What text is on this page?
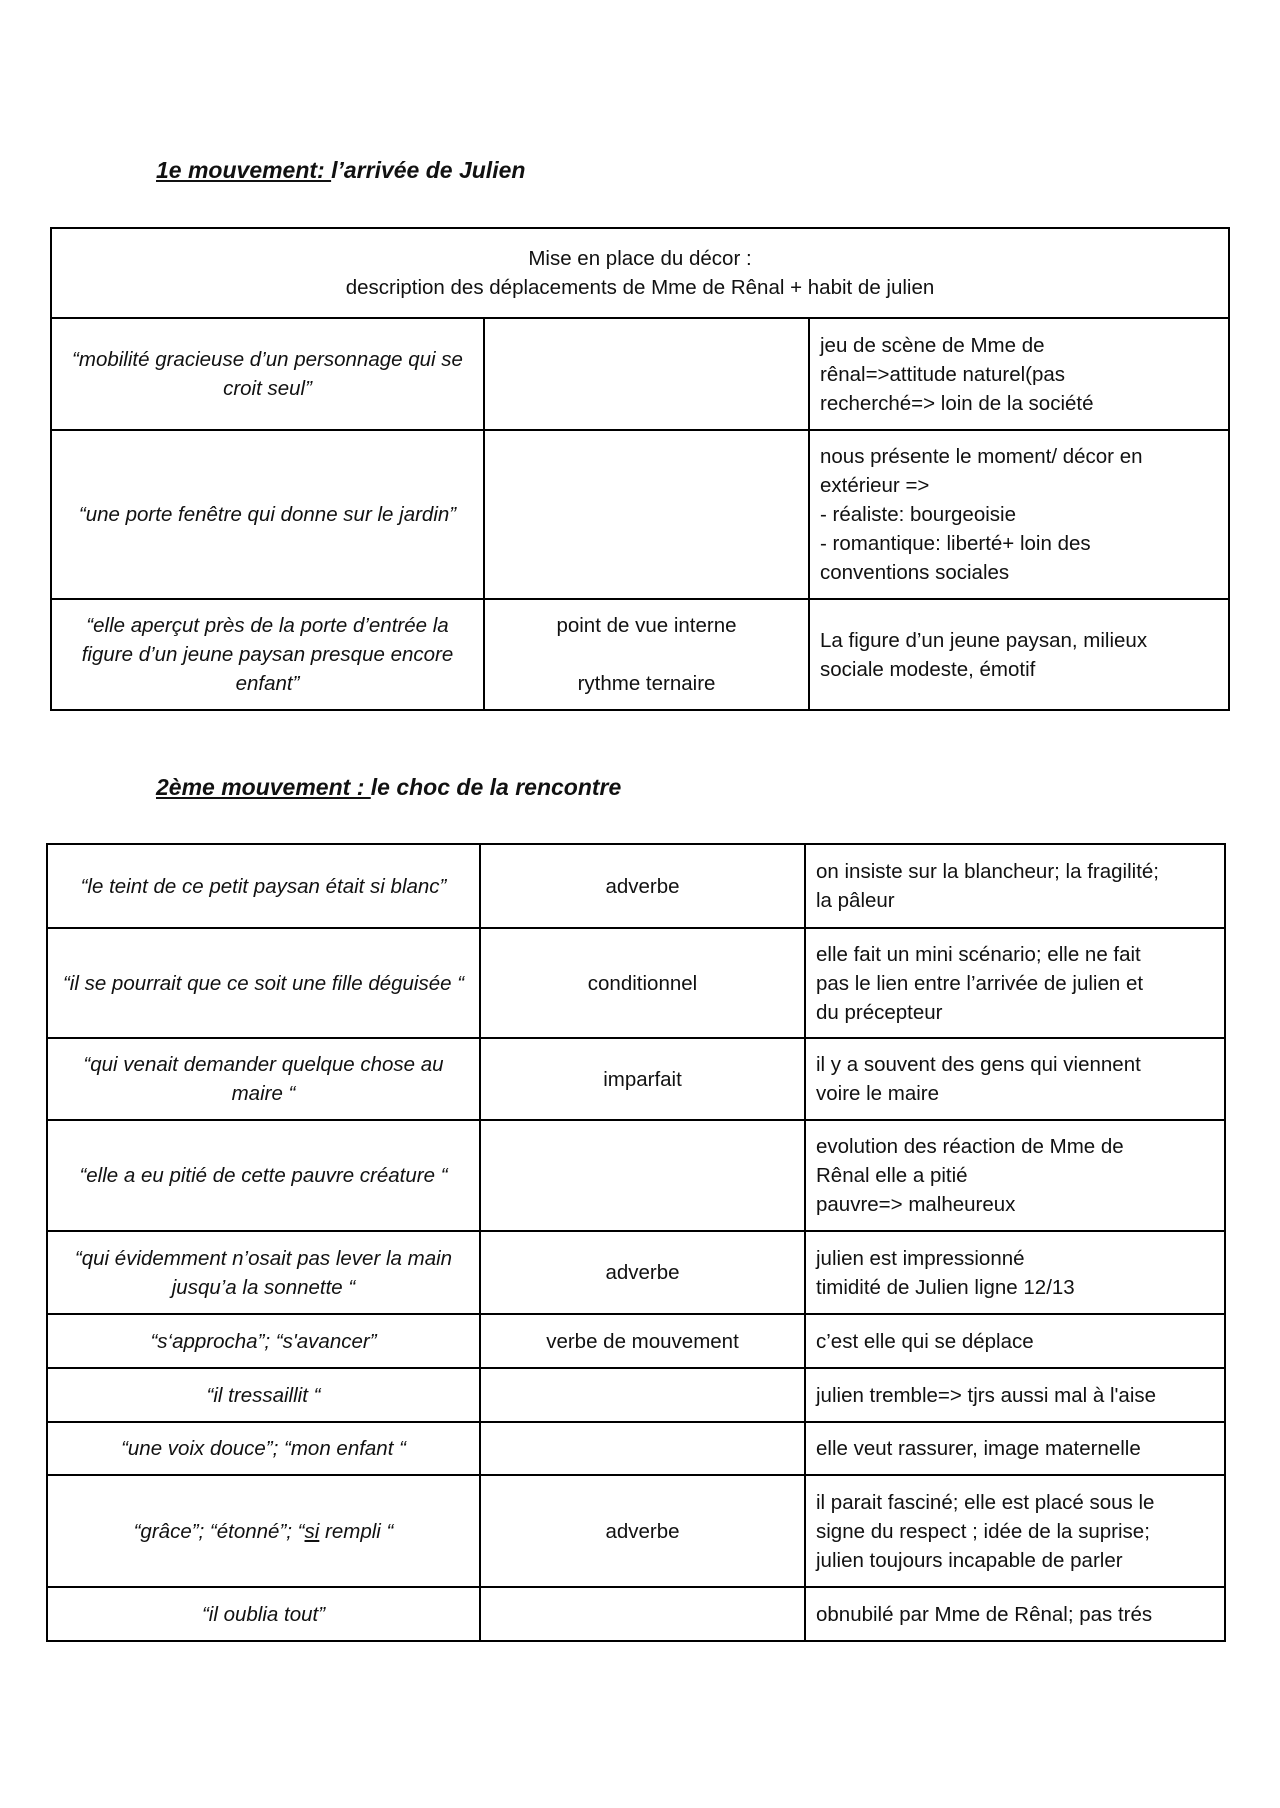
1e mouvement: l’arrivée de Julien
Mise en place du décor :
description des déplacements de Mme de Rênal + habit de julien		

“mobilité gracieuse d’un personnage qui se croit seul”		jeu de scène de Mme de
rênal=>attitude naturel(pas
recherché=> loin de la société

“une porte fenêtre qui donne sur le jardin”		nous présente le moment/ décor en
extérieur =>
- réaliste: bourgeoisie
- romantique: liberté+ loin des
conventions sociales

“elle aperçut près de la porte d’entrée la figure d’un jeune paysan presque encore enfant”	point de vue interne
rythme ternaire	La figure d’un jeune paysan, milieux
sociale modeste, émotif
2ème mouvement : le choc de la rencontre
“le teint de ce petit paysan était si blanc”	adverbe	on insiste sur la blancheur; la fragilité;
la pâleur

“il se pourrait que ce soit une fille déguisée “	conditionnel	elle fait un mini scénario; elle ne fait
pas le lien entre l’arrivée de julien et
du précepteur

“qui venait demander quelque chose au maire “	imparfait	il y a souvent des gens qui viennent
voire le maire

“elle a eu pitié de cette pauvre créature “		evolution des réaction de Mme de
Rênal elle a pitié
pauvre=> malheureux

“qui évidemment n’osait pas lever la main jusqu’a la sonnette “	adverbe	julien est impressionné
timidité de Julien ligne 12/13

“s‘approcha”; “s'avancer”	verbe de mouvement	c’est elle qui se déplace

“il tressaillit “		julien tremble=> tjrs aussi mal à l'aise

“une voix douce”; “mon enfant “		elle veut rassurer, image maternelle

“grâce”; “étonné”; “si rempli “	adverbe	il parait fasciné; elle est placé sous le
signe du respect ; idée de la suprise;
julien toujours incapable de parler

“il oublia tout”		obnubilé par Mme de Rênal; pas trés
